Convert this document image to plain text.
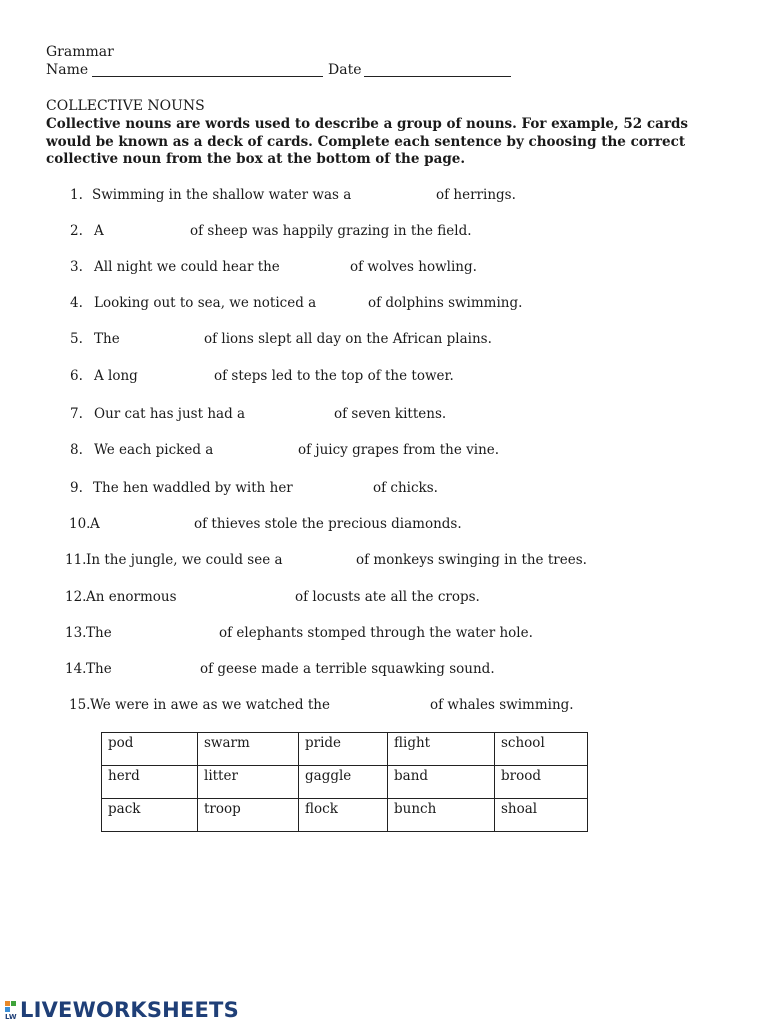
Grammar
Name	Date
COLLECTIVE NOUNS
Collective nouns are words used to describe a group of nouns. For example, 52 cards would be known as a deck of cards. Complete each sentence by choosing the correct collective noun from the box at the bottom of the page.
1. Swimming in the shallow water was a	of herrings.
2. A	of sheep was happily grazing in the field.
3. All night we could hear the	of wolves howling.
4. Looking out to sea, we noticed a	of dolphins swimming.
5. The	of lions slept all day on the African plains.
6. A long	of steps led to the top of the tower.
7. Our cat has just had a	of seven kittens.
8. We each picked a	of juicy grapes from the vine.
9. The hen waddled by with her	of chicks.
10. A	of thieves stole the precious diamonds.
11. In the jungle, we could see a	of monkeys swinging in the trees.
12. An enormous	of locusts ate all the crops.
13. The	of elephants stomped through the water hole.
14. The	of geese made a terrible squawking sound.
15. We were in awe as we watched the	of whales swimming.
pod	swarm	pride	flight	school
herd	litter	gaggle	band	brood
pack	troop	flock	bunch	shoal
LW LIVEWORKSHEETS
